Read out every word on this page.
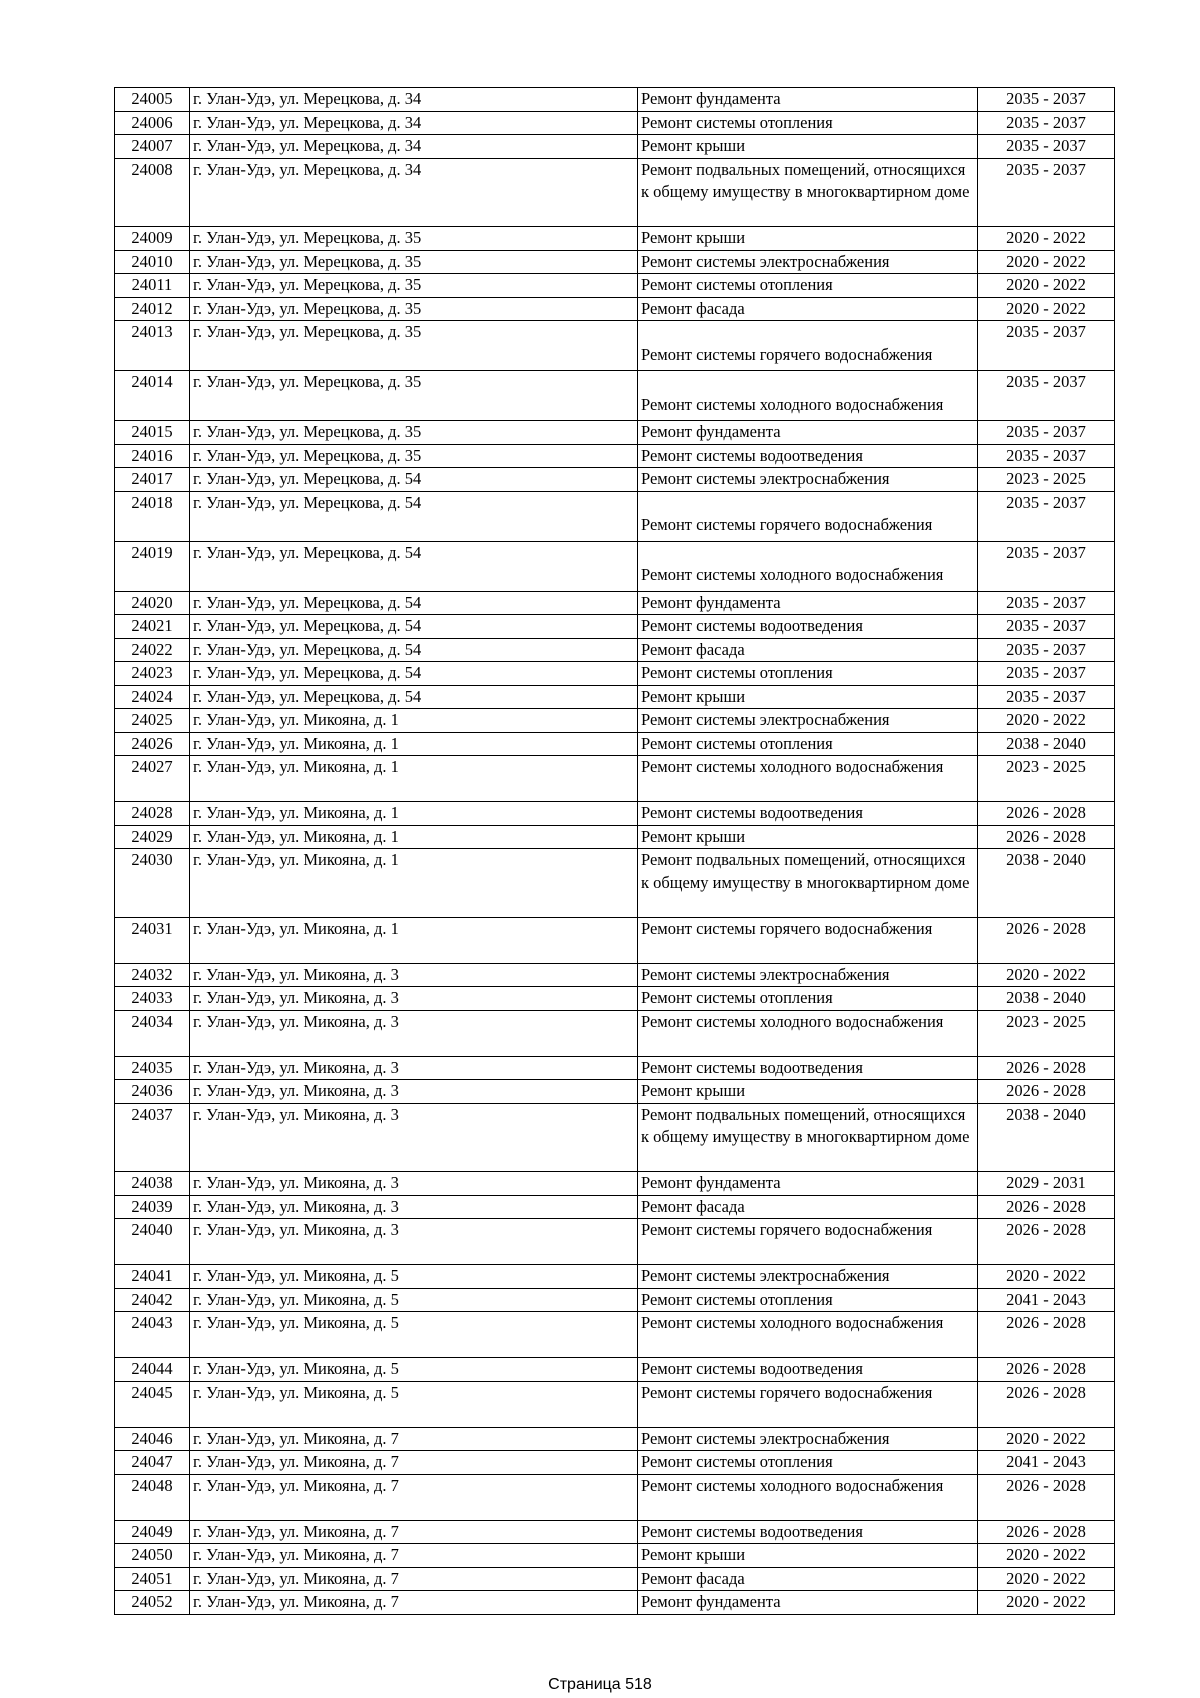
24005	г. Улан-Удэ, ул. Мерецкова, д. 34	Ремонт фундамента	2035 - 2037
24006	г. Улан-Удэ, ул. Мерецкова, д. 34	Ремонт системы отопления	2035 - 2037
24007	г. Улан-Удэ, ул. Мерецкова, д. 34	Ремонт крыши	2035 - 2037
24008	г. Улан-Удэ, ул. Мерецкова, д. 34	Ремонт подвальных помещений, относящихся к общему имуществу в многоквартирном доме	2035 - 2037
24009	г. Улан-Удэ, ул. Мерецкова, д. 35	Ремонт крыши	2020 - 2022
24010	г. Улан-Удэ, ул. Мерецкова, д. 35	Ремонт системы электроснабжения	2020 - 2022
24011	г. Улан-Удэ, ул. Мерецкова, д. 35	Ремонт системы отопления	2020 - 2022
24012	г. Улан-Удэ, ул. Мерецкова, д. 35	Ремонт фасада	2020 - 2022
24013	г. Улан-Удэ, ул. Мерецкова, д. 35	Ремонт системы горячего водоснабжения	2035 - 2037
24014	г. Улан-Удэ, ул. Мерецкова, д. 35	Ремонт системы холодного водоснабжения	2035 - 2037
24015	г. Улан-Удэ, ул. Мерецкова, д. 35	Ремонт фундамента	2035 - 2037
24016	г. Улан-Удэ, ул. Мерецкова, д. 35	Ремонт системы водоотведения	2035 - 2037
24017	г. Улан-Удэ, ул. Мерецкова, д. 54	Ремонт системы электроснабжения	2023 - 2025
24018	г. Улан-Удэ, ул. Мерецкова, д. 54	Ремонт системы горячего водоснабжения	2035 - 2037
24019	г. Улан-Удэ, ул. Мерецкова, д. 54	Ремонт системы холодного водоснабжения	2035 - 2037
24020	г. Улан-Удэ, ул. Мерецкова, д. 54	Ремонт фундамента	2035 - 2037
24021	г. Улан-Удэ, ул. Мерецкова, д. 54	Ремонт системы водоотведения	2035 - 2037
24022	г. Улан-Удэ, ул. Мерецкова, д. 54	Ремонт фасада	2035 - 2037
24023	г. Улан-Удэ, ул. Мерецкова, д. 54	Ремонт системы отопления	2035 - 2037
24024	г. Улан-Удэ, ул. Мерецкова, д. 54	Ремонт крыши	2035 - 2037
24025	г. Улан-Удэ, ул. Микояна, д. 1	Ремонт системы электроснабжения	2020 - 2022
24026	г. Улан-Удэ, ул. Микояна, д. 1	Ремонт системы отопления	2038 - 2040
24027	г. Улан-Удэ, ул. Микояна, д. 1	Ремонт системы холодного водоснабжения	2023 - 2025
24028	г. Улан-Удэ, ул. Микояна, д. 1	Ремонт системы водоотведения	2026 - 2028
24029	г. Улан-Удэ, ул. Микояна, д. 1	Ремонт крыши	2026 - 2028
24030	г. Улан-Удэ, ул. Микояна, д. 1	Ремонт подвальных помещений, относящихся к общему имуществу в многоквартирном доме	2038 - 2040
24031	г. Улан-Удэ, ул. Микояна, д. 1	Ремонт системы горячего водоснабжения	2026 - 2028
24032	г. Улан-Удэ, ул. Микояна, д. 3	Ремонт системы электроснабжения	2020 - 2022
24033	г. Улан-Удэ, ул. Микояна, д. 3	Ремонт системы отопления	2038 - 2040
24034	г. Улан-Удэ, ул. Микояна, д. 3	Ремонт системы холодного водоснабжения	2023 - 2025
24035	г. Улан-Удэ, ул. Микояна, д. 3	Ремонт системы водоотведения	2026 - 2028
24036	г. Улан-Удэ, ул. Микояна, д. 3	Ремонт крыши	2026 - 2028
24037	г. Улан-Удэ, ул. Микояна, д. 3	Ремонт подвальных помещений, относящихся к общему имуществу в многоквартирном доме	2038 - 2040
24038	г. Улан-Удэ, ул. Микояна, д. 3	Ремонт фундамента	2029 - 2031
24039	г. Улан-Удэ, ул. Микояна, д. 3	Ремонт фасада	2026 - 2028
24040	г. Улан-Удэ, ул. Микояна, д. 3	Ремонт системы горячего водоснабжения	2026 - 2028
24041	г. Улан-Удэ, ул. Микояна, д. 5	Ремонт системы электроснабжения	2020 - 2022
24042	г. Улан-Удэ, ул. Микояна, д. 5	Ремонт системы отопления	2041 - 2043
24043	г. Улан-Удэ, ул. Микояна, д. 5	Ремонт системы холодного водоснабжения	2026 - 2028
24044	г. Улан-Удэ, ул. Микояна, д. 5	Ремонт системы водоотведения	2026 - 2028
24045	г. Улан-Удэ, ул. Микояна, д. 5	Ремонт системы горячего водоснабжения	2026 - 2028
24046	г. Улан-Удэ, ул. Микояна, д. 7	Ремонт системы электроснабжения	2020 - 2022
24047	г. Улан-Удэ, ул. Микояна, д. 7	Ремонт системы отопления	2041 - 2043
24048	г. Улан-Удэ, ул. Микояна, д. 7	Ремонт системы холодного водоснабжения	2026 - 2028
24049	г. Улан-Удэ, ул. Микояна, д. 7	Ремонт системы водоотведения	2026 - 2028
24050	г. Улан-Удэ, ул. Микояна, д. 7	Ремонт крыши	2020 - 2022
24051	г. Улан-Удэ, ул. Микояна, д. 7	Ремонт фасада	2020 - 2022
24052	г. Улан-Удэ, ул. Микояна, д. 7	Ремонт фундамента	2020 - 2022
Страница 518
